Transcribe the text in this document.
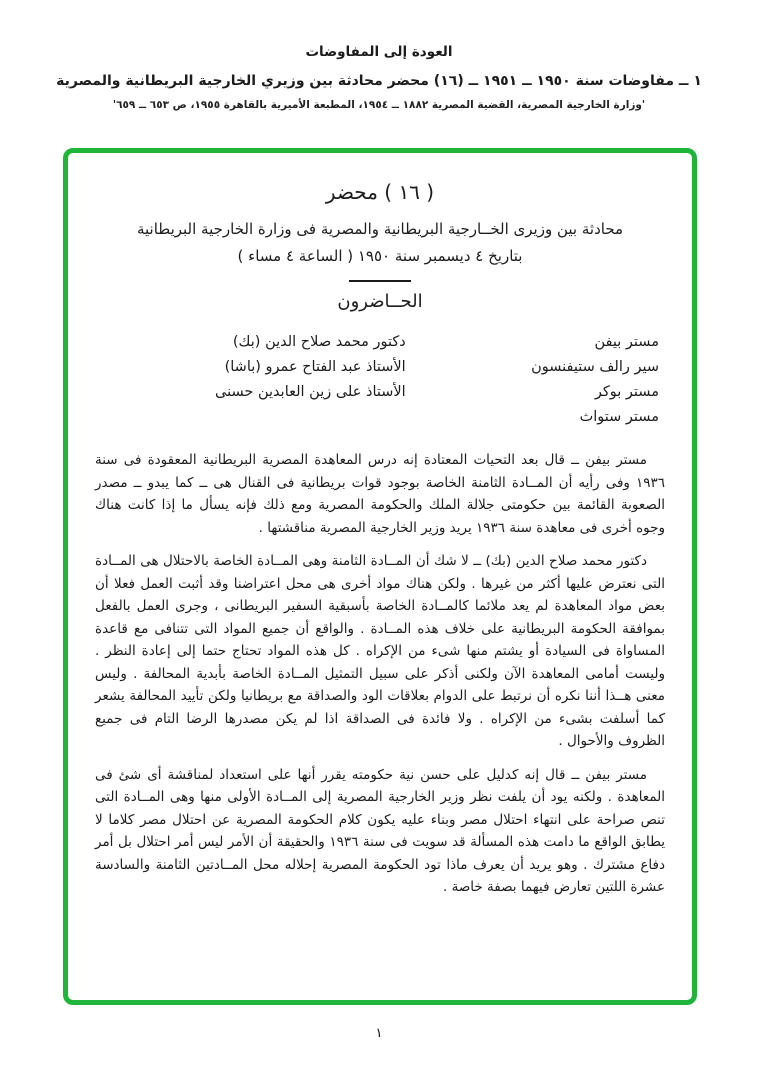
العودة إلى المفاوضات
١ ــ مفاوضات سنة ١٩٥٠ ــ ١٩٥١ ــ (١٦) محضر محادثة بين وزيري الخارجية البريطانية والمصرية
'وزارة الخارجية المصرية، القضية المصرية ١٨٨٢ ــ ١٩٥٤، المطبعة الأميرية بالقاهرة ١٩٥٥، ص ٦٥٣ ــ ٦٥٩'
( ١٦ ) محضر
محادثة بين وزيرى الخــارجية البريطانية والمصرية فى وزارة الخارجية البريطانية
بتاريخ ٤ ديسمبر سنة ١٩٥٠ ( الساعة ٤ مساء )
الحــاضرون
مستر بيفن
سير رالف ستيفنسون
مستر بوكر
مستر ستواث
دكتور محمد صلاح الدين (بك)
الأستاذ عبد الفتاح عمرو (باشا)
الأستاذ على زين العابدين حسنى

مستر بيفن ــ قال بعد التحيات المعتادة إنه درس المعاهدة المصرية البريطانية المعقودة فى سنة ١٩٣٦ وفى رأيه أن المــادة الثامنة الخاصة بوجود قوات بريطانية فى القنال هى ــ كما يبدو ــ مصدر الصعوبة القائمة بين حكومتى جلالة الملك والحكومة المصرية ومع ذلك فإنه يسأل ما إذا كانت هناك وجوه أخرى فى معاهدة سنة ١٩٣٦ يريد وزير الخارجية المصرية مناقشتها .

دكتور محمد صلاح الدين (بك) ــ لا شك أن المــادة الثامنة وهى المــادة الخاصة بالاحتلال هى المــادة التى نعترض عليها أكثر من غيرها . ولكن هناك مواد أخرى هى محل اعتراضنا وقد أثبت العمل فعلا أن بعض مواد المعاهدة لم يعد ملائما كالمــادة الخاصة بأسبقية السفير البريطانى ، وجرى العمل بالفعل بموافقة الحكومة البريطانية على خلاف هذه المــادة . والواقع أن جميع المواد التى تتنافى مع قاعدة المساواة فى السيادة أو يشتم منها شىء من الإكراه . كل هذه المواد تحتاج حتما إلى إعادة النظر . وليست أمامى المعاهدة الآن ولكنى أذكر على سبيل التمثيل المــادة الخاصة بأبدية المحالفة . وليس معنى هــذا أننا نكره أن نرتبط على الدوام بعلاقات الود والصداقة مع بريطانيا ولكن تأييد المحالفة يشعر كما أسلفت بشىء من الإكراه . ولا فائدة فى الصداقة اذا لم يكن مصدرها الرضا التام فى جميع الظروف والأحوال .

مستر بيفن ــ قال إنه كدليل على حسن نية حكومته يقرر أنها على استعداد لمناقشة أى شئ فى المعاهدة . ولكنه يود أن يلفت نظر وزير الخارجية المصرية إلى المــادة الأولى منها وهى المــادة التى تنص صراحة على انتهاء احتلال مصر وبناء عليه يكون كلام الحكومة المصرية عن احتلال مصر كلاما لا يطابق الواقع ما دامت هذه المسألة قد سويت فى سنة ١٩٣٦ والحقيقة أن الأمر ليس أمر احتلال بل أمر دفاع مشترك . وهو يريد أن يعرف ماذا تود الحكومة المصرية إحلاله محل المــادتين الثامنة والسادسة عشرة اللتين تعارض فيهما بصفة خاصة .

١
